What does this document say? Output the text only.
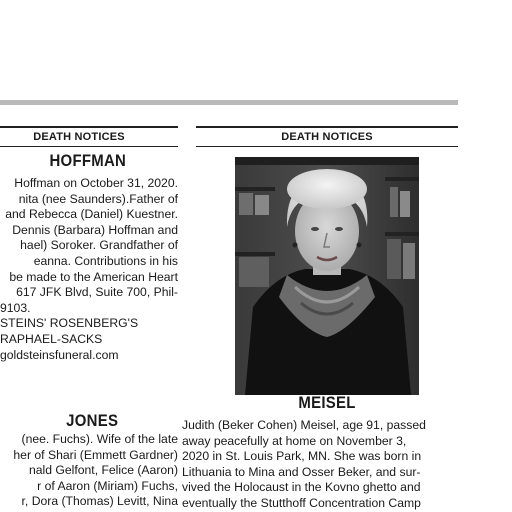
DEATH NOTICES
HOFFMAN
Hoffman on October 31, 2020.
nita (nee Saunders).Father of
and Rebecca (Daniel) Kuestner.
Dennis (Barbara) Hoffman and
hael) Soroker. Grandfather of
eanna. Contributions in his
be made to the American Heart
617 JFK Blvd, Suite 700, Phil-
9103.
STEINS' ROSENBERG'S
RAPHAEL-SACKS
goldsteinsfuneral.com
JONES
(nee. Fuchs). Wife of the late
her of Shari (Emmett Gardner)
nald Gelfont, Felice (Aaron)
r of Aaron (Miriam) Fuchs,
r, Dora (Thomas) Levitt, Nina
DEATH NOTICES
MEISEL
Judith (Beker Cohen) Meisel, age 91, passed
away peacefully at home on November 3,
2020 in St. Louis Park, MN. She was born in
Lithuania to Mina and Osser Beker, and sur-
vived the Holocaust in the Kovno ghetto and
eventually the Stutthoff Concentration Camp
